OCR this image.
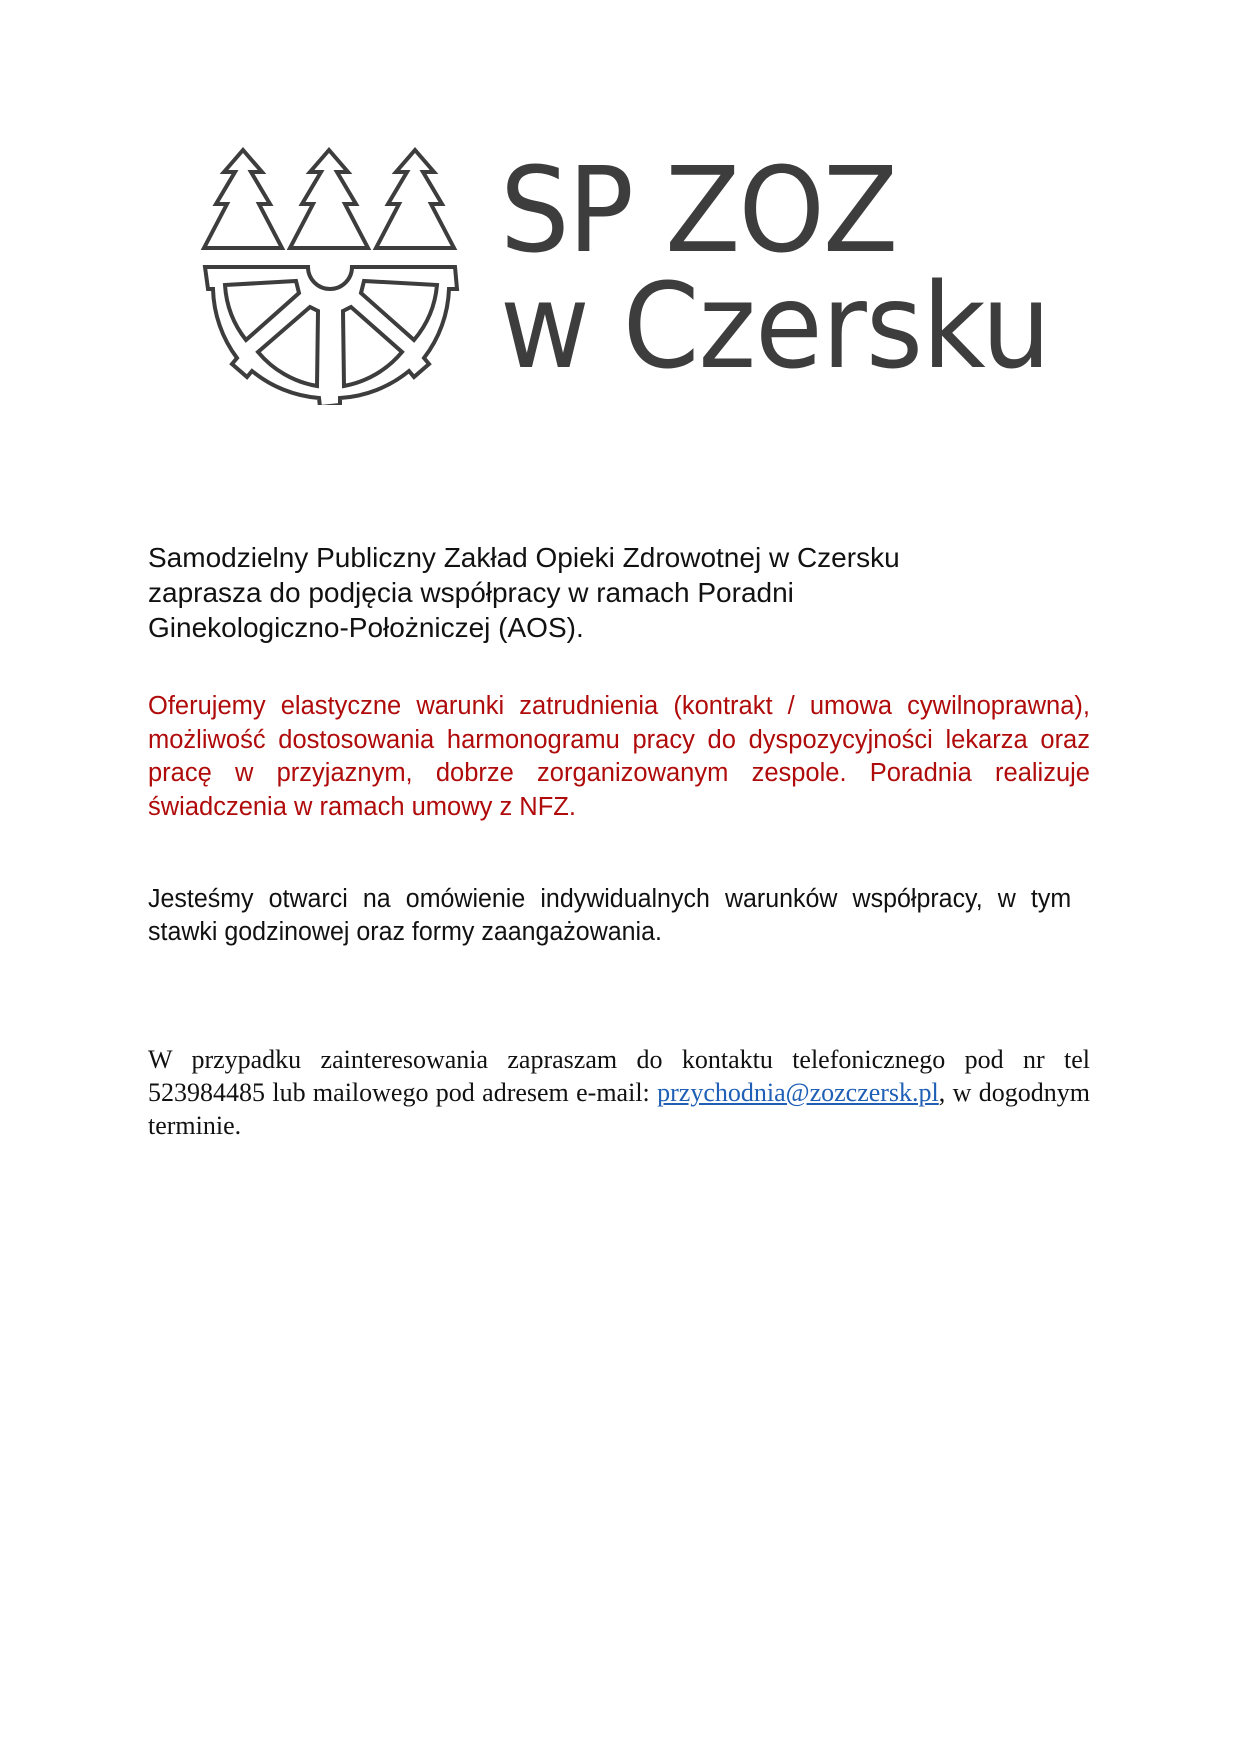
SP ZOZ
w Czersku

Samodzielny Publiczny Zakład Opieki Zdrowotnej w Czersku

zaprasza do podjęcia współpracy w ramach Poradni

Ginekologiczno-Położniczej (AOS).

Oferujemy elastyczne warunki zatrudnienia (kontrakt / umowa cywilnoprawna), możliwość dostosowania harmonogramu pracy do dyspozycyjności lekarza oraz pracę w przyjaznym, dobrze zorganizowanym zespole. Poradnia realizuje świadczenia w ramach umowy z NFZ.

Jesteśmy otwarci na omówienie indywidualnych warunków współpracy, w tym stawki godzinowej oraz formy zaangażowania.

W przypadku zainteresowania zapraszam do kontaktu telefonicznego pod nr tel 523984485 lub mailowego pod adresem e-mail: przychodnia@zozczersk.pl, w dogodnym terminie.
